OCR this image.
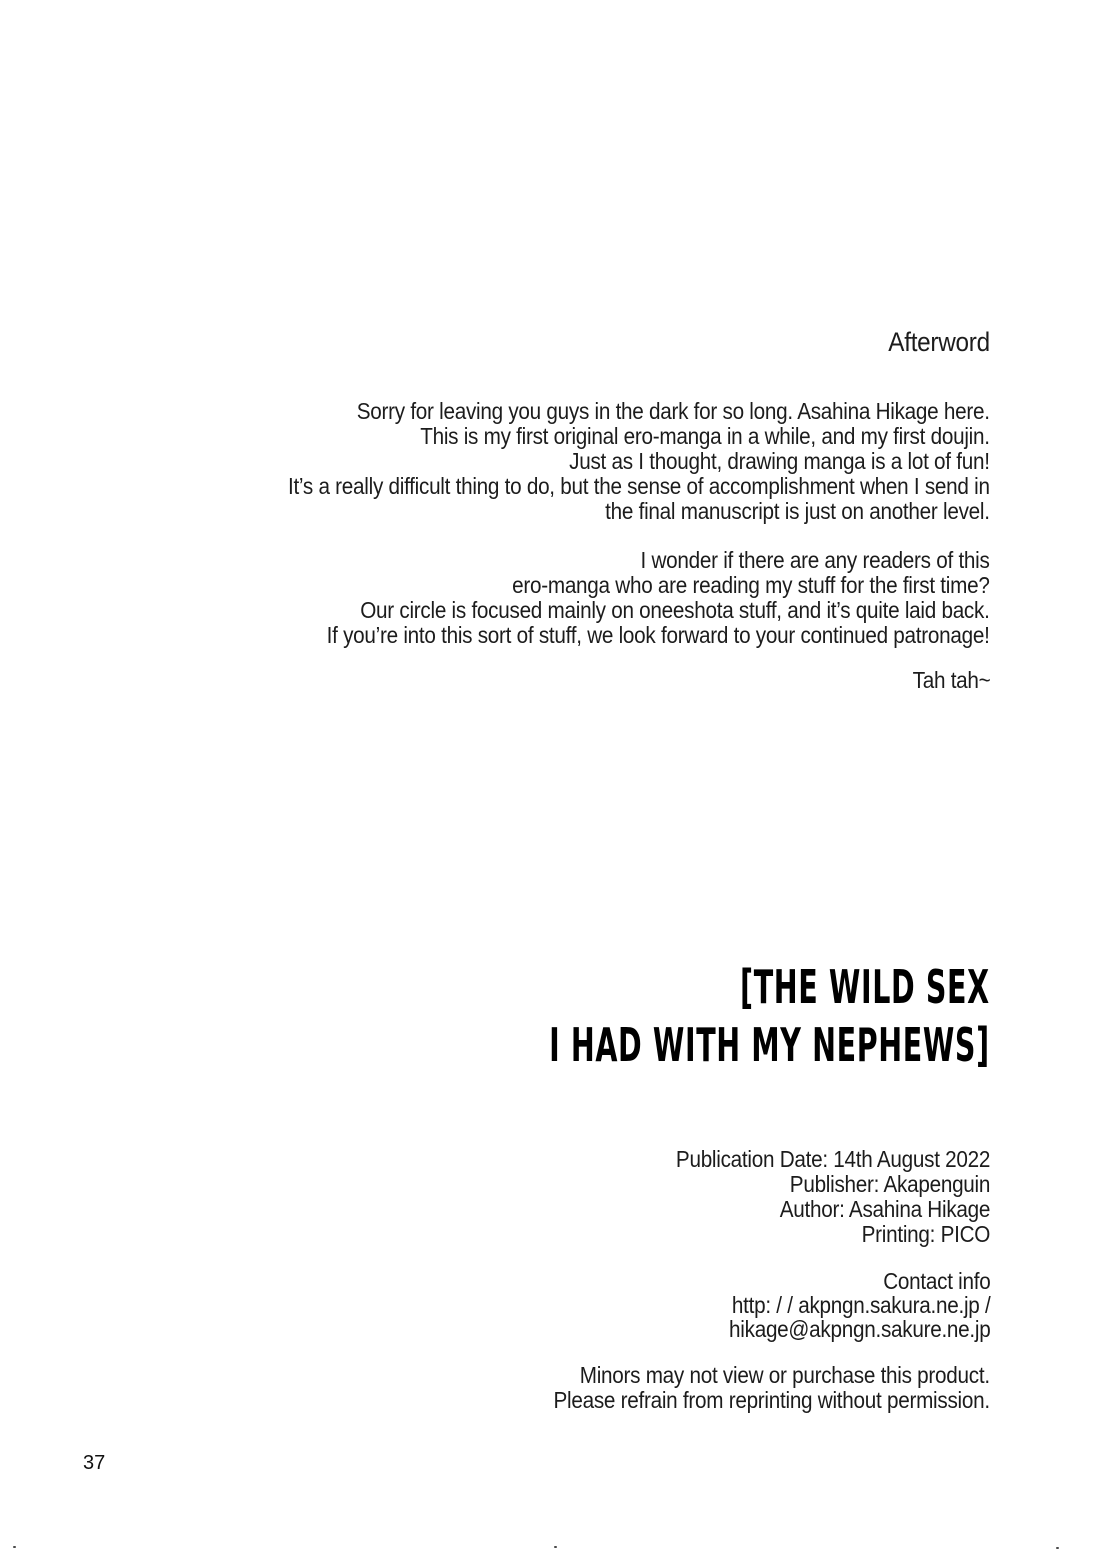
Afterword
Sorry for leaving you guys in the dark for so long. Asahina Hikage here.
This is my first original ero-manga in a while, and my first doujin.
Just as I thought, drawing manga is a lot of fun!
It’s a really difficult thing to do, but the sense of accomplishment when I send in
the final manuscript is just on another level.
I wonder if there are any readers of this
ero-manga who are reading my stuff for the first time?
Our circle is focused mainly on oneeshota stuff, and it’s quite laid back.
If you’re into this sort of stuff, we look forward to your continued patronage!
Tah tah~
[THE WILD SEX
I HAD WITH MY NEPHEWS]
Publication Date: 14th August 2022
Publisher: Akapenguin
Author: Asahina Hikage
Printing: PICO
Contact info
http: / / akpngn.sakura.ne.jp /
hikage@akpngn.sakure.ne.jp
Minors may not view or purchase this product.
Please refrain from reprinting without permission.
37
